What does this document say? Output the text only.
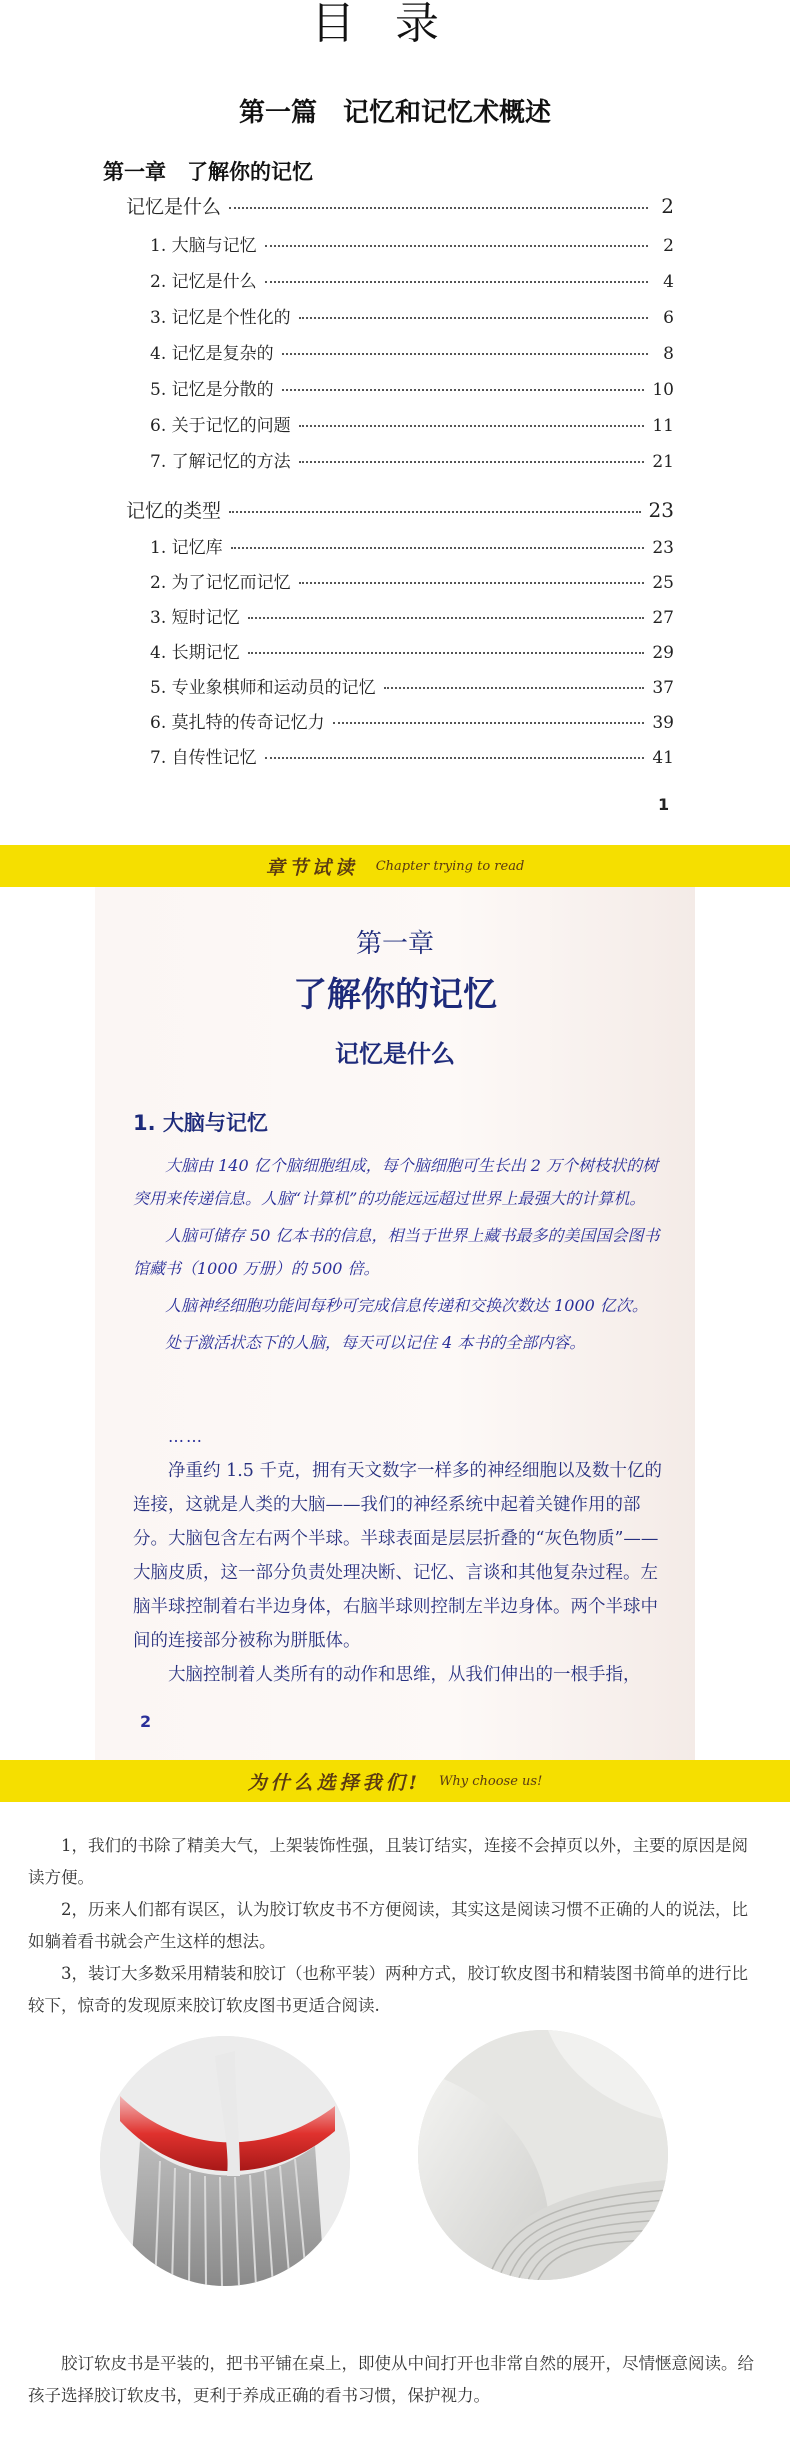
目录
第一篇　记忆和记忆术概述
第一章　了解你的记忆
记忆是什么	2
1. 大脑与记忆	2
2. 记忆是什么	4
3. 记忆是个性化的	6
4. 记忆是复杂的	8
5. 记忆是分散的	10
6. 关于记忆的问题	11
7. 了解记忆的方法	21
记忆的类型	23
1. 记忆库	23
2. 为了记忆而记忆	25
3. 短时记忆	27
4. 长期记忆	29
5. 专业象棋师和运动员的记忆	37
6. 莫扎特的传奇记忆力	39
7. 自传性记忆	41
1
章节试读 Chapter trying to read
第一章
了解你的记忆
记忆是什么
1. 大脑与记忆

大脑由 140 亿个脑细胞组成，每个脑细胞可生长出 2 万个树枝状的树突用来传递信息。人脑“计算机”的功能远远超过世界上最强大的计算机。

人脑可储存 50 亿本书的信息，相当于世界上藏书最多的美国国会图书馆藏书（1000 万册）的 500 倍。

人脑神经细胞功能间每秒可完成信息传递和交换次数达 1000 亿次。

处于激活状态下的人脑，每天可以记住 4 本书的全部内容。

……

净重约 1.5 千克，拥有天文数字一样多的神经细胞以及数十亿的连接，这就是人类的大脑——我们的神经系统中起着关键作用的部分。大脑包含左右两个半球。半球表面是层层折叠的“灰色物质”——大脑皮质，这一部分负责处理决断、记忆、言谈和其他复杂过程。左脑半球控制着右半边身体，右脑半球则控制左半边身体。两个半球中间的连接部分被称为胼胝体。

大脑控制着人类所有的动作和思维，从我们伸出的一根手指，

2
为什么选择我们! Why choose us!

1，我们的书除了精美大气，上架装饰性强，且装订结实，连接不会掉页以外，主要的原因是阅读方便。

2，历来人们都有误区，认为胶订软皮书不方便阅读，其实这是阅读习惯不正确的人的说法，比如躺着看书就会产生这样的想法。

3，装订大多数采用精装和胶订（也称平装）两种方式，胶订软皮图书和精装图书简单的进行比较下，惊奇的发现原来胶订软皮图书更适合阅读.

胶订软皮书是平装的，把书平铺在桌上，即使从中间打开也非常自然的展开，尽情惬意阅读。给孩子选择胶订软皮书，更利于养成正确的看书习惯，保护视力。
